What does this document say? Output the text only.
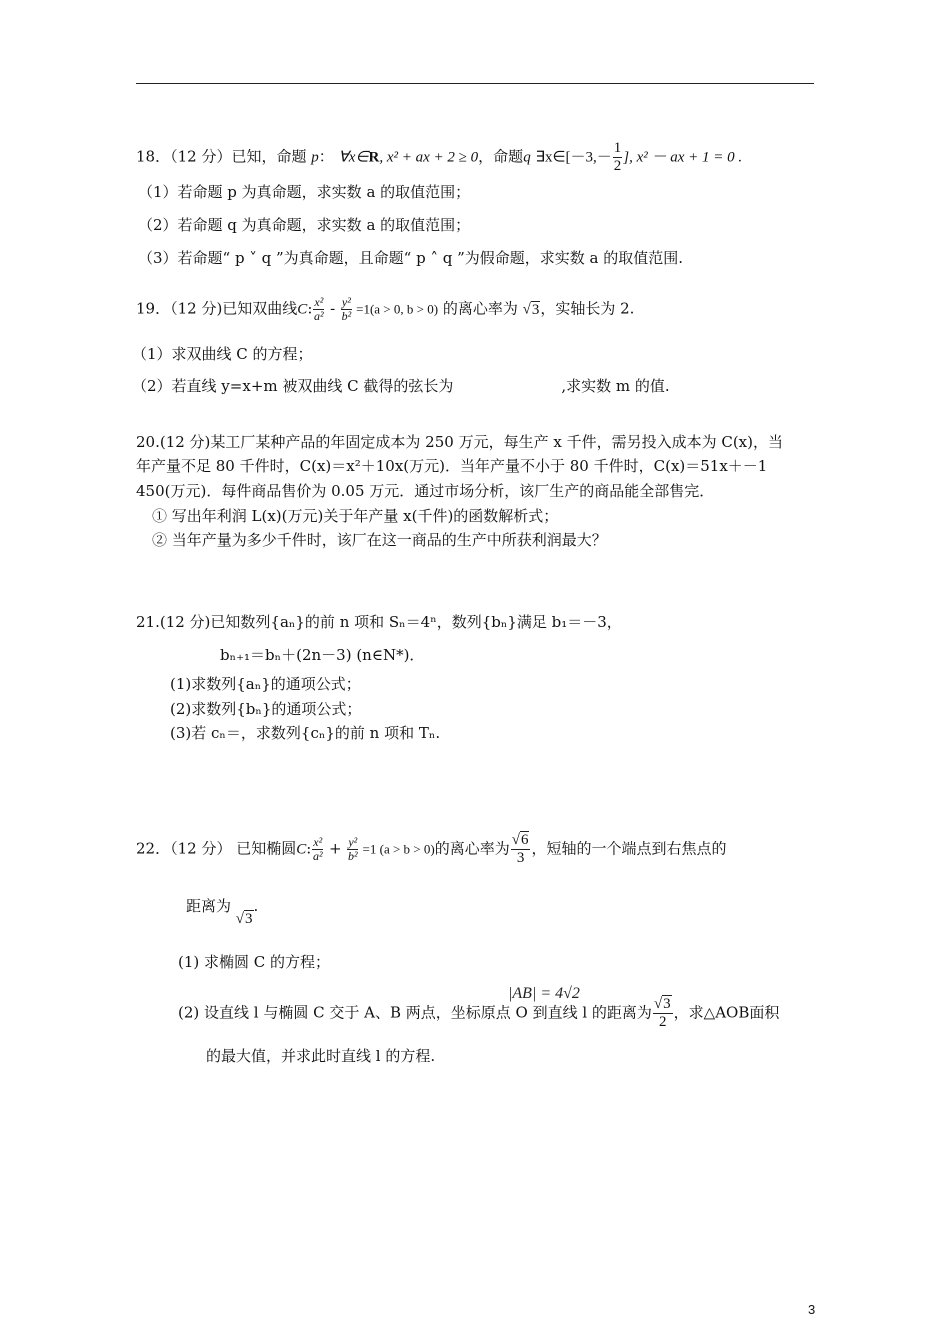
18．（12 分）已知，命题 p： ∀x∈R, x² + ax + 2 ≥ 0，命题q ∃x∈[－3,－ $\frac{1}{2}$ ], x² － ax + 1 = 0 .
（1）若命题 p 为真命题，求实数 a 的取值范围；
（2）若命题 q 为真命题，求实数 a 的取值范围；
（3）若命题“ p ˅ q ”为真命题，且命题“ p ˄ q ”为假命题，求实数 a 的取值范围.
19．（12 分)已知双曲线C: $\frac{\text{x²}}{\text{a²}} - \frac{\text{y²}}{\text{b²}} =1(a > 0$, b > 0) 的离心率为 √3，实轴长为 2.
（1）求双曲线 C 的方程；
（2）若直线 y=x+m 被双曲线 C 截得的弦长为	,求实数 m 的值.
20.(12 分)某工厂某种产品的年固定成本为 250 万元，每生产 x 千件，需另投入成本为 C(x)，当
年产量不足 80 千件时，C(x)＝x²＋10x(万元)．当年产量不小于 80 千件时，C(x)＝51x＋－1
450(万元)．每件商品售价为 0.05 万元．通过市场分析，该厂生产的商品能全部售完．
① 写出年利润 L(x)(万元)关于年产量 x(千件)的函数解析式；
② 当年产量为多少千件时，该厂在这一商品的生产中所获利润最大？
21.(12 分)已知数列{aₙ}的前 n 项和 Sₙ＝4ⁿ，数列{bₙ}满足 b₁＝－3，
bₙ₊₁＝bₙ＋(2n－3) (n∈N*)．
(1)求数列{aₙ}的通项公式；
(2)求数列{bₙ}的通项公式；
(3)若 cₙ＝，求数列{cₙ}的前 n 项和 Tₙ.
22．（12 分） 已知椭圆C: $\frac{\text{x²}}{\text{a²}} + \frac{\text{y²}}{\text{b²}} =1$ (a > b > 0)的离心率为 $\frac{√6}{3}$ ，短轴的一个端点到右焦点的
距离为 √3.
(1) 求椭圆 C 的方程；
(2) 设直线 l 与椭圆 C 交于 A、B 两点，坐标原点 O 到直线 l 的距离为 $\frac{√3}{2}$ ，求△AOB面积
|AB| = 4√2
的最大值，并求此时直线 l 的方程.
3
